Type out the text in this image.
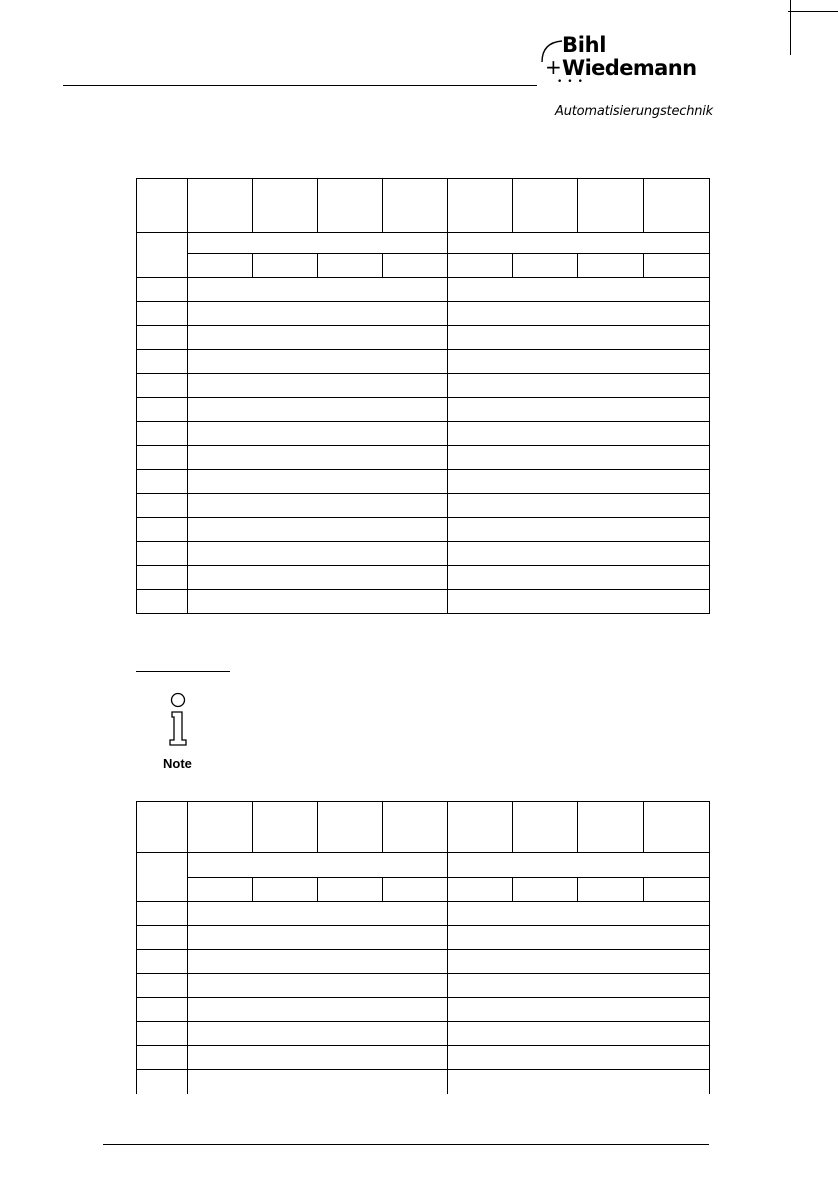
Bihl
+ Wiedemann
•••
Automatisierungstechnik

Note
